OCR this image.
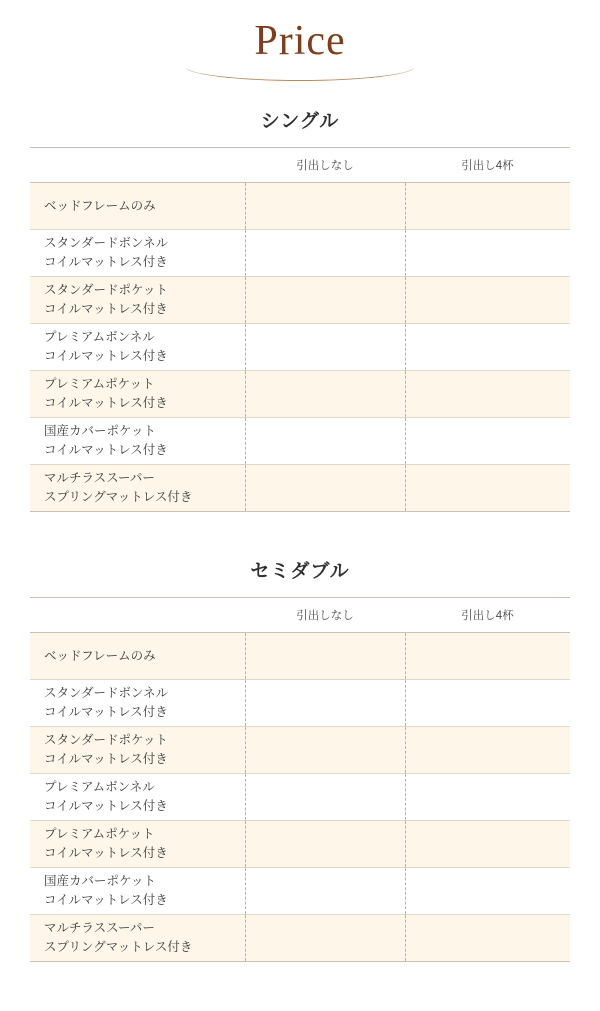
Price
シングル
	引出しなし	引出し4杯

ベッドフレームのみ		

スタンダードボンネル
コイルマットレス付き		

スタンダードポケット
コイルマットレス付き		

プレミアムボンネル
コイルマットレス付き		

プレミアムポケット
コイルマットレス付き		

国産カバーポケット
コイルマットレス付き		

マルチラススーパー
スプリングマットレス付き		

セミダブル
	引出しなし	引出し4杯

ベッドフレームのみ		

スタンダードボンネル
コイルマットレス付き		

スタンダードポケット
コイルマットレス付き		

プレミアムボンネル
コイルマットレス付き		

プレミアムポケット
コイルマットレス付き		

国産カバーポケット
コイルマットレス付き		

マルチラススーパー
スプリングマットレス付き		
